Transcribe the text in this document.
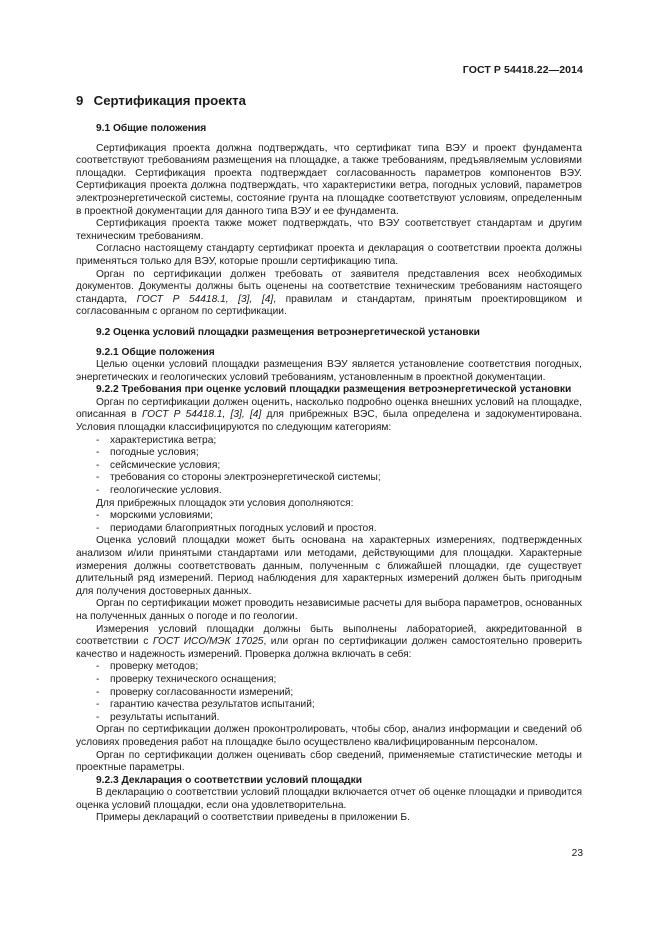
ГОСТ Р 54418.22—2014
9 Сертификация проекта

9.1 Общие положения

Сертификация проекта должна подтверждать, что сертификат типа ВЭУ и проект фундамента соответствуют требованиям размещения на площадке, а также требованиям, предъявляемым условиями площадки. Сертификация проекта подтверждает согласованность параметров компонентов ВЭУ. Сертификация проекта должна подтверждать, что характеристики ветра, погодных условий, параметров электроэнергетической системы, состояние грунта на площадке соответствуют условиям, определенным в проектной документации для данного типа ВЭУ и ее фундамента.

Сертификация проекта также может подтверждать, что ВЭУ соответствует стандартам и другим техническим требованиям.

Согласно настоящему стандарту сертификат проекта и декларация о соответствии проекта должны применяться только для ВЭУ, которые прошли сертификацию типа.

Орган по сертификации должен требовать от заявителя представления всех необходимых документов. Документы должны быть оценены на соответствие техническим требованиям настоящего стандарта, ГОСТ Р 54418.1, [3], [4], правилам и стандартам, принятым проектировщиком и согласованным с органом по сертификации.

9.2 Оценка условий площадки размещения ветроэнергетической установки

9.2.1 Общие положения

Целью оценки условий площадки размещения ВЭУ является установление соответствия погодных, энергетических и геологических условий требованиям, установленным в проектной документации.

9.2.2 Требования при оценке условий площадки размещения ветроэнергетической установки

Орган по сертификации должен оценить, насколько подробно оценка внешних условий на площадке, описанная в ГОСТ Р 54418.1, [3], [4] для прибрежных ВЭС, была определена и задокументирована. Условия площадки классифицируются по следующим категориям:

- характеристика ветра;
- погодные условия;
- сейсмические условия;
- требования со стороны электроэнергетической системы;
- геологические условия.

Для прибрежных площадок эти условия дополняются:

- морскими условиями;
- периодами благоприятных погодных условий и простоя.

Оценка условий площадки может быть основана на характерных измерениях, подтвержденных анализом и/или принятыми стандартами или методами, действующими для площадки. Характерные измерения должны соответствовать данным, полученным с ближайшей площадки, где существует длительный ряд измерений. Период наблюдения для характерных измерений должен быть пригодным для получения достоверных данных.

Орган по сертификации может проводить независимые расчеты для выбора параметров, основанных на полученных данных о погоде и по геологии.

Измерения условий площадки должны быть выполнены лабораторией, аккредитованной в соответствии с ГОСТ ИСО/МЭК 17025, или орган по сертификации должен самостоятельно проверить качество и надежность измерений. Проверка должна включать в себя:

- проверку методов;
- проверку технического оснащения;
- проверку согласованности измерений;
- гарантию качества результатов испытаний;
- результаты испытаний.

Орган по сертификации должен проконтролировать, чтобы сбор, анализ информации и сведений об условиях проведения работ на площадке было осуществлено квалифицированным персоналом.

Орган по сертификации должен оценивать сбор сведений, применяемые статистические методы и проектные параметры.

9.2.3 Декларация о соответствии условий площадки

В декларацию о соответствии условий площадки включается отчет об оценке площадки и приводится оценка условий площадки, если она удовлетворительна.

Примеры деклараций о соответствии приведены в приложении Б.

23
